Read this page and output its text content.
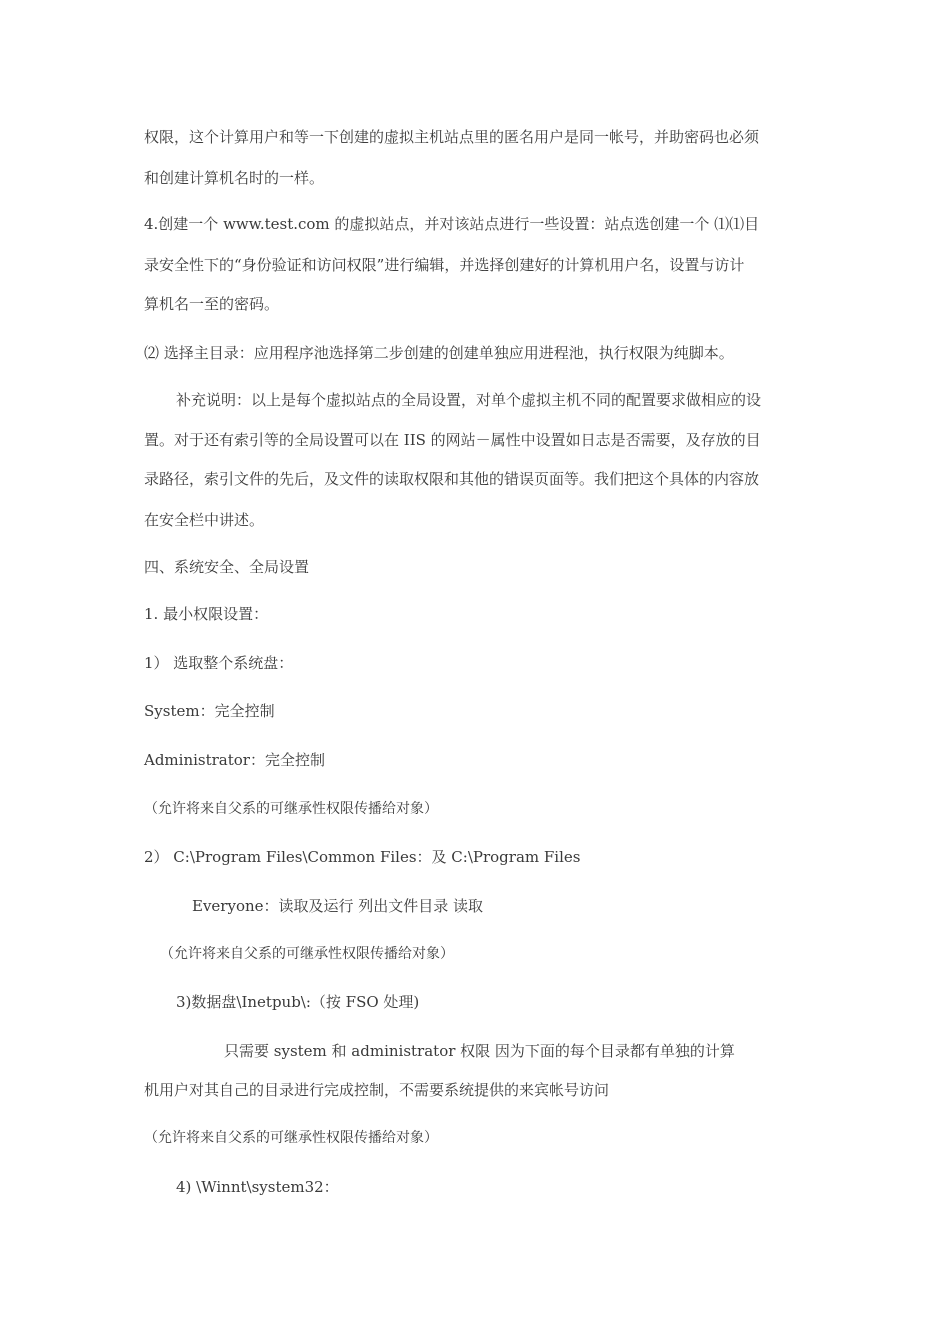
权限，这个计算用户和等一下创建的虚拟主机站点里的匿名用户是同一帐号，并助密码也必须
和创建计算机名时的一样。
4.创建一个 www.test.com 的虚拟站点，并对该站点进行一些设置：站点选创建一个 ⑴⑴目
录安全性下的“身份验证和访问权限”进行编辑，并选择创建好的计算机用户名，设置与访计
算机名一至的密码。
⑵ 选择主目录：应用程序池选择第二步创建的创建单独应用进程池，执行权限为纯脚本。
补充说明：以上是每个虚拟站点的全局设置，对单个虚拟主机不同的配置要求做相应的设
置。对于还有索引等的全局设置可以在 IIS 的网站－属性中设置如日志是否需要，及存放的目
录路径，索引文件的先后，及文件的读取权限和其他的错误页面等。我们把这个具体的内容放
在安全栏中讲述。
四、系统安全、全局设置
1. 最小权限设置：
1） 选取整个系统盘：
System：完全控制
Administrator：完全控制
（允许将来自父系的可继承性权限传播给对象）
2） C:\Program Files\Common Files：及 C:\Program Files
Everyone：读取及运行 列出文件目录 读取
（允许将来自父系的可继承性权限传播给对象）
3)数据盘\Inetpub\:（按 FSO 处理)
只需要 system 和 administrator 权限 因为下面的每个目录都有单独的计算
机用户对其自己的目录进行完成控制，不需要系统提供的来宾帐号访问
（允许将来自父系的可继承性权限传播给对象）
4) \Winnt\system32：
